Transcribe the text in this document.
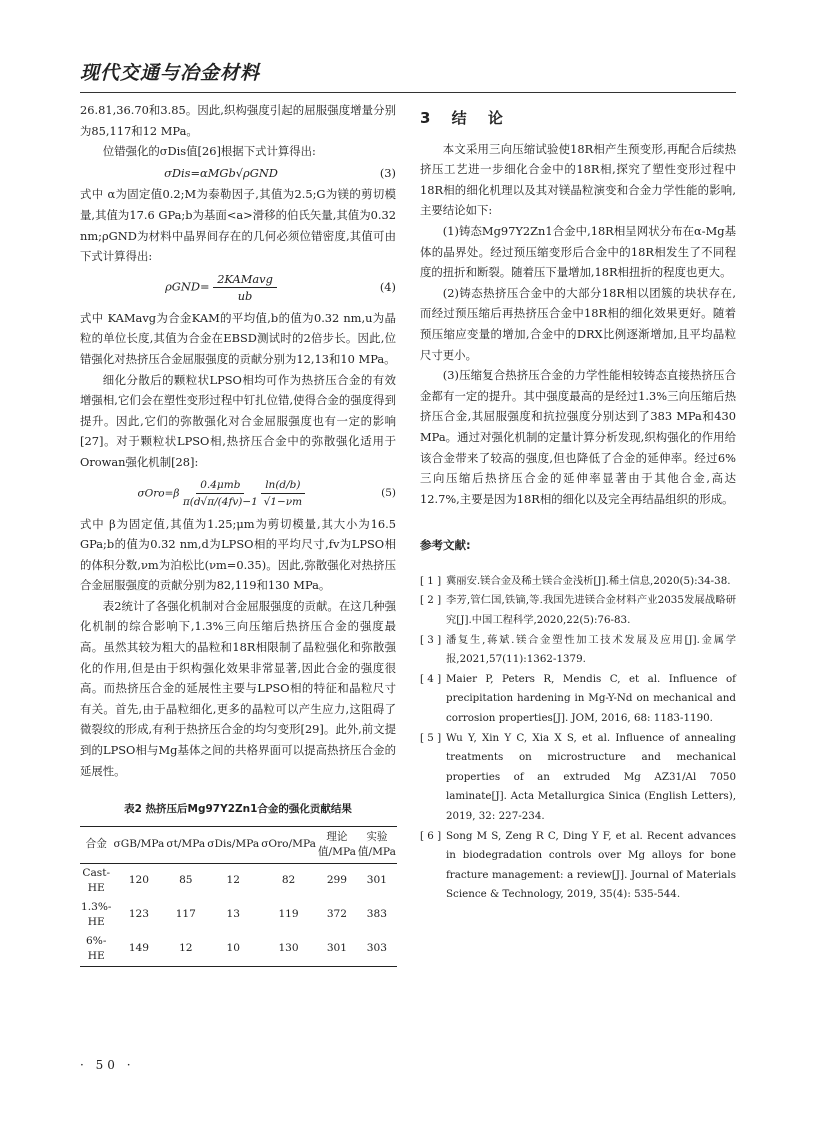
现代交通与冶金材料

26.81,36.70和3.85。因此,织构强度引起的屈服强度增量分别为85,117和12 MPa。

位错强化的σDis值[26]根据下式计算得出:

σDis=αMGb√ρGND	(3)

式中 α为固定值0.2;M为泰勒因子,其值为2.5;G为镁的剪切模量,其值为17.6 GPa;b为基面<a>滑移的伯氏矢量,其值为0.32 nm;ρGND为材料中晶界间存在的几何必须位错密度,其值可由下式计算得出:

$\rho GND= \frac{\text{2KAMavg}}{ub}$	(4)

式中 KAMavg为合金KAM的平均值,b的值为0.32 nm,u为晶粒的单位长度,其值为合金在EBSD测试时的2倍步长。因此,位错强化对热挤压合金屈服强度的贡献分别为12,13和10 MPa。

细化分散后的颗粒状LPSO相均可作为热挤压合金的有效增强相,它们会在塑性变形过程中钉扎位错,使得合金的强度得到提升。因此,它们的弥散强化对合金屈服强度也有一定的影响[27]。对于颗粒状LPSO相,热挤压合金中的弥散强化适用于Orowan强化机制[28]:

$\sigma Oro=\beta \frac{\text{0.4μmb}}{\pi(d√\pi/(4fv)-1}$
$\frac{\ln(d/b)}{√1-\nu m}$	(5)

式中 β为固定值,其值为1.25;μm为剪切模量,其大小为16.5 GPa;b的值为0.32 nm,d为LPSO相的平均尺寸,fv为LPSO相的体积分数,νm为泊松比(νm=0.35)。因此,弥散强化对热挤压合金屈服强度的贡献分别为82,119和130 MPa。

表2统计了各强化机制对合金屈服强度的贡献。在这几种强化机制的综合影响下,1.3%三向压缩后热挤压合金的强度最高。虽然其较为粗大的晶粒和18R相限制了晶粒强化和弥散强化的作用,但是由于织构强化效果非常显著,因此合金的强度很高。而热挤压合金的延展性主要与LPSO相的特征和晶粒尺寸有关。首先,由于晶粒细化,更多的晶粒可以产生应力,这阻碍了微裂纹的形成,有利于热挤压合金的均匀变形[29]。此外,前文提到的LPSO相与Mg基体之间的共格界面可以提高热挤压合金的延展性。

表2 热挤压后Mg97Y2Zn1合金的强化贡献结果
合金	σGB/MPa	σt/MPa	σDis/MPa	σOro/MPa	理论值/MPa	实验值/MPa
Cast-HE	120	85	12	82	299	301
1.3%-HE	123	117	13	119	372	383
6%-HE	149	12	10	130	301	303
3 结 论

本文采用三向压缩试验使18R相产生预变形,再配合后续热挤压工艺进一步细化合金中的18R相,探究了塑性变形过程中18R相的细化机理以及其对镁晶粒演变和合金力学性能的影响,主要结论如下:

(1)铸态Mg97Y2Zn1合金中,18R相呈网状分布在α-Mg基体的晶界处。经过预压缩变形后合金中的18R相发生了不同程度的扭折和断裂。随着压下量增加,18R相扭折的程度也更大。

(2)铸态热挤压合金中的大部分18R相以团簇的块状存在,而经过预压缩后再热挤压合金中18R相的细化效果更好。随着预压缩应变量的增加,合金中的DRX比例逐渐增加,且平均晶粒尺寸更小。

(3)压缩复合热挤压合金的力学性能相较铸态直接热挤压合金都有一定的提升。其中强度最高的是经过1.3%三向压缩后热挤压合金,其屈服强度和抗拉强度分别达到了383 MPa和430 MPa。通过对强化机制的定量计算分析发现,织构强化的作用给该合金带来了较高的强度,但也降低了合金的延伸率。经过6%三向压缩后热挤压合金的延伸率显著由于其他合金,高达12.7%,主要是因为18R相的细化以及完全再结晶组织的形成。

参考文献:
[ 1 ] 冀丽安.镁合金及稀土镁合金浅析[J].稀土信息,2020(5):34-38.
[ 2 ] 李芳,管仁国,铁镝,等.我国先进镁合金材料产业2035发展战略研究[J].中国工程科学,2020,22(5):76-83.
[ 3 ] 潘复生,蒋斌.镁合金塑性加工技术发展及应用[J].金属学报,2021,57(11):1362-1379.
[ 4 ] Maier P, Peters R, Mendis C, et al. Influence of precipitation hardening in Mg-Y-Nd on mechanical and corrosion properties[J]. JOM, 2016, 68: 1183-1190.
[ 5 ] Wu Y, Xin Y C, Xia X S, et al. Influence of annealing treatments on microstructure and mechanical properties of an extruded Mg AZ31/Al 7050 laminate[J]. Acta Metallurgica Sinica (English Letters), 2019, 32: 227-234.
[ 6 ] Song M S, Zeng R C, Ding Y F, et al. Recent advances in biodegradation controls over Mg alloys for bone fracture management: a review[J]. Journal of Materials Science & Technology, 2019, 35(4): 535-544.
· 50 ·
